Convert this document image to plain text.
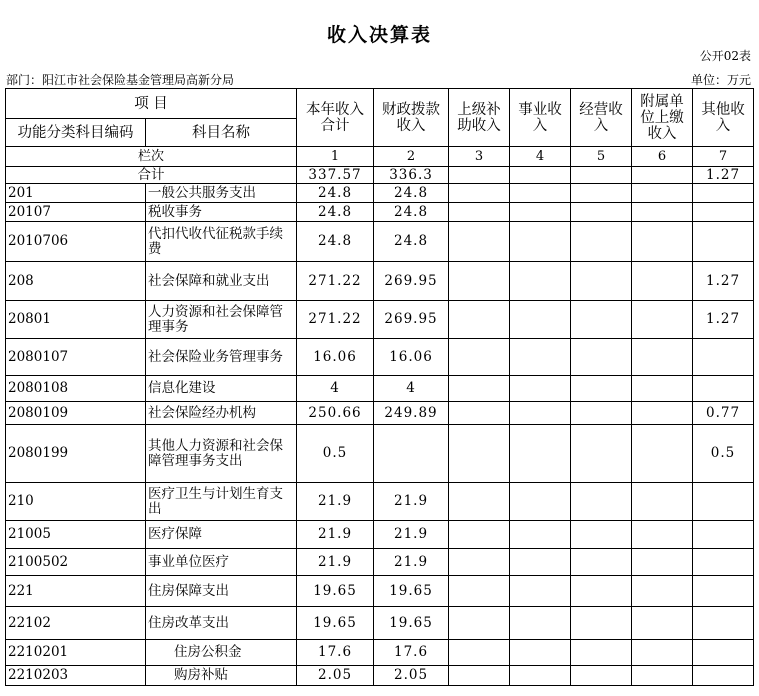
收入决算表
公开02表
部门：阳江市社会保险基金管理局高新分局	单位：万元
项 目		本年收入合计	财政拨款收入	上级补助收入	事业收入	经营收入	附属单位上缴收入	其他收入
功能分类科目编码	科目名称							
栏次		1	2	3	4	5	6	7
合计		337.57	336.3					1.27
201	一般公共服务支出	24.8	24.8					
20107	税收事务	24.8	24.8					
2010706	代扣代收代征税款手续费	24.8	24.8					
208	社会保障和就业支出	271.22	269.95					1.27
20801	人力资源和社会保障管理事务	271.22	269.95					1.27
2080107	社会保险业务管理事务	16.06	16.06					
2080108	信息化建设	4	4					
2080109	社会保险经办机构	250.66	249.89					0.77
2080199	其他人力资源和社会保障管理事务支出	0.5						0.5
210	医疗卫生与计划生育支出	21.9	21.9					
21005	医疗保障	21.9	21.9					
2100502	事业单位医疗	21.9	21.9					
221	住房保障支出	19.65	19.65					
22102	住房改革支出	19.65	19.65					
2210201	住房公积金	17.6	17.6					
2210203	购房补贴	2.05	2.05					
